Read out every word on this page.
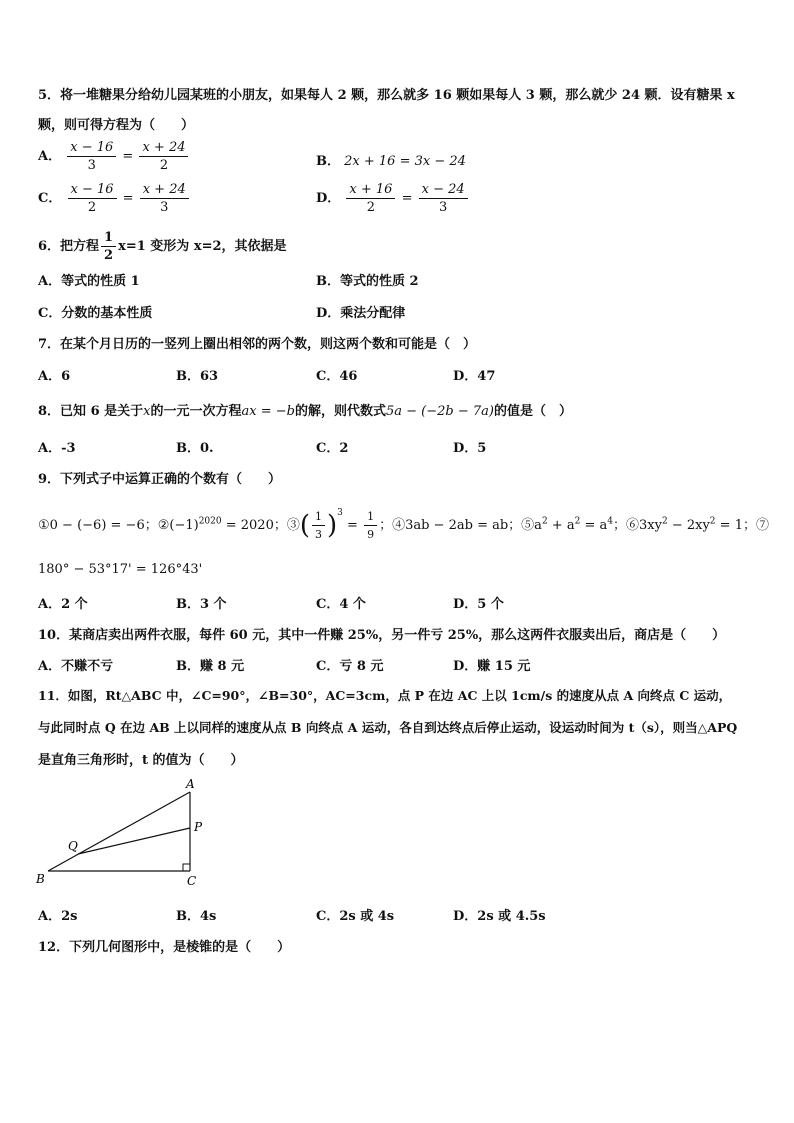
5．将一堆糖果分给幼儿园某班的小朋友，如果每人 2 颗，那么就多 16 颗如果每人 3 颗，那么就少 24 颗．设有糖果 x
颗，则可得方程为（　　）
A． $\frac{x - 16}{3} = \frac{x + 24}{2}$	B． 2x + 16 = 3x − 24
C． $\frac{x - 16}{2} = \frac{x + 24}{3}$	D． $\frac{x + 16}{2} = \frac{x - 24}{3}$
6．把方程 $\frac{1}{2} x=1$ 变形为 x=2，其依据是
A．等式的性质 1	B．等式的性质 2
C．分数的基本性质	D．乘法分配律
7．在某个月日历的一竖列上圈出相邻的两个数，则这两个数和可能是（　）
A．6	B．63	C．46	D．47
8．已知 6 是关于x的一元一次方程ax = −b的解，则代数式5a − (−2b − 7a)的值是（　）
A．-3	B．0.	C．2	D．5
9．下列式子中运算正确的个数有（　　）
①0 − (−6) = −6；$②(-1)^{2020} = 2020$；③( $\frac{1}{3} )^3 = \frac{1}{9}$ ；④3ab − 2ab = ab；$⑤a^2 + a^2 = a^4$；$⑥3xy^2 - 2xy^2 = 1$；⑦
180° − 53°17' = 126°43'
A．2 个	B．3 个	C．4 个	D．5 个
10．某商店卖出两件衣服，每件 60 元，其中一件赚 25%，另一件亏 25%，那么这两件衣服卖出后，商店是（　　）
A．不赚不亏	B．赚 8 元	C．亏 8 元	D．赚 15 元
11．如图，Rt△ABC 中，∠C=90°，∠B=30°，AC=3cm，点 P 在边 AC 上以 1cm/s 的速度从点 A 向终点 C 运动，
与此同时点 Q 在边 AB 上以同样的速度从点 B 向终点 A 运动，各自到达终点后停止运动，设运动时间为 t（s），则当△APQ
是直角三角形时，t 的值为（　　）
A
B	C
P
Q
A．2s	B．4s	C．2s 或 4s	D．2s 或 4.5s
12．下列几何图形中，是棱锥的是（　　）
